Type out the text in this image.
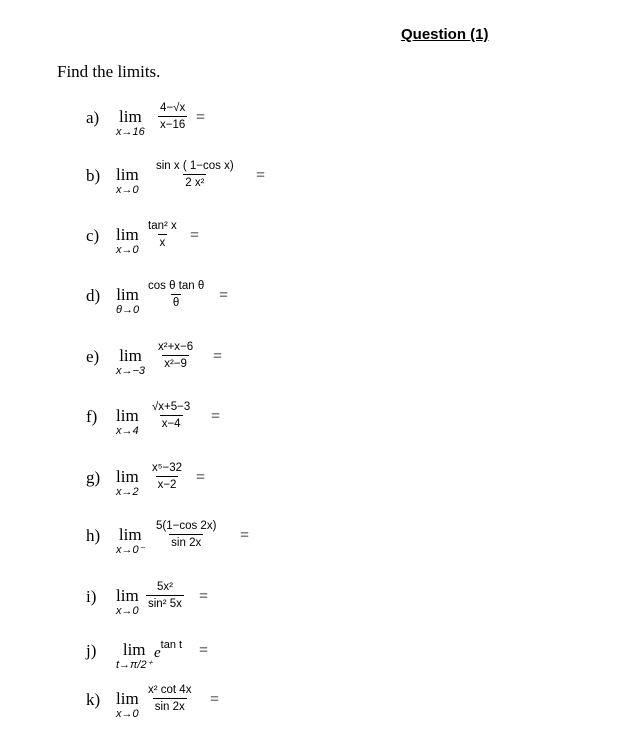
Question (1)
Find the limits.
a) lim
x→16
$\frac{4-√x}{x-16}$ =
b) lim
x→0
$\frac{\text{sin x ( 1−cos x)}}{\text{2 x²}}$ =
c) lim
x→0
$\frac{\text{tan² x}}{x}$ =
d) lim
θ→0
$\frac{\text{cos θ tan θ}}{\theta}$ =
e) lim
x→−3
$\frac{\text{x²+x−6}}{\text{x²−9}}$ =
f) lim
x→4
$\frac{√x+5-3}{x-4}$ =
g) lim
x→2
$\frac{\text{x⁵−32}}{x-2}$ =
h) lim
x→0⁻
$\frac{5(1-\cos 2x)}{\sin 2x}$ =
i) lim
x→0
$\frac{\text{5x²}}{\text{sin² 5x}}$ =
j)	lim
t→π/2⁺
$e^{tan t}$ =
k) lim
x→0
$\frac{\text{x² cot 4x}}{\sin 2x}$ =
